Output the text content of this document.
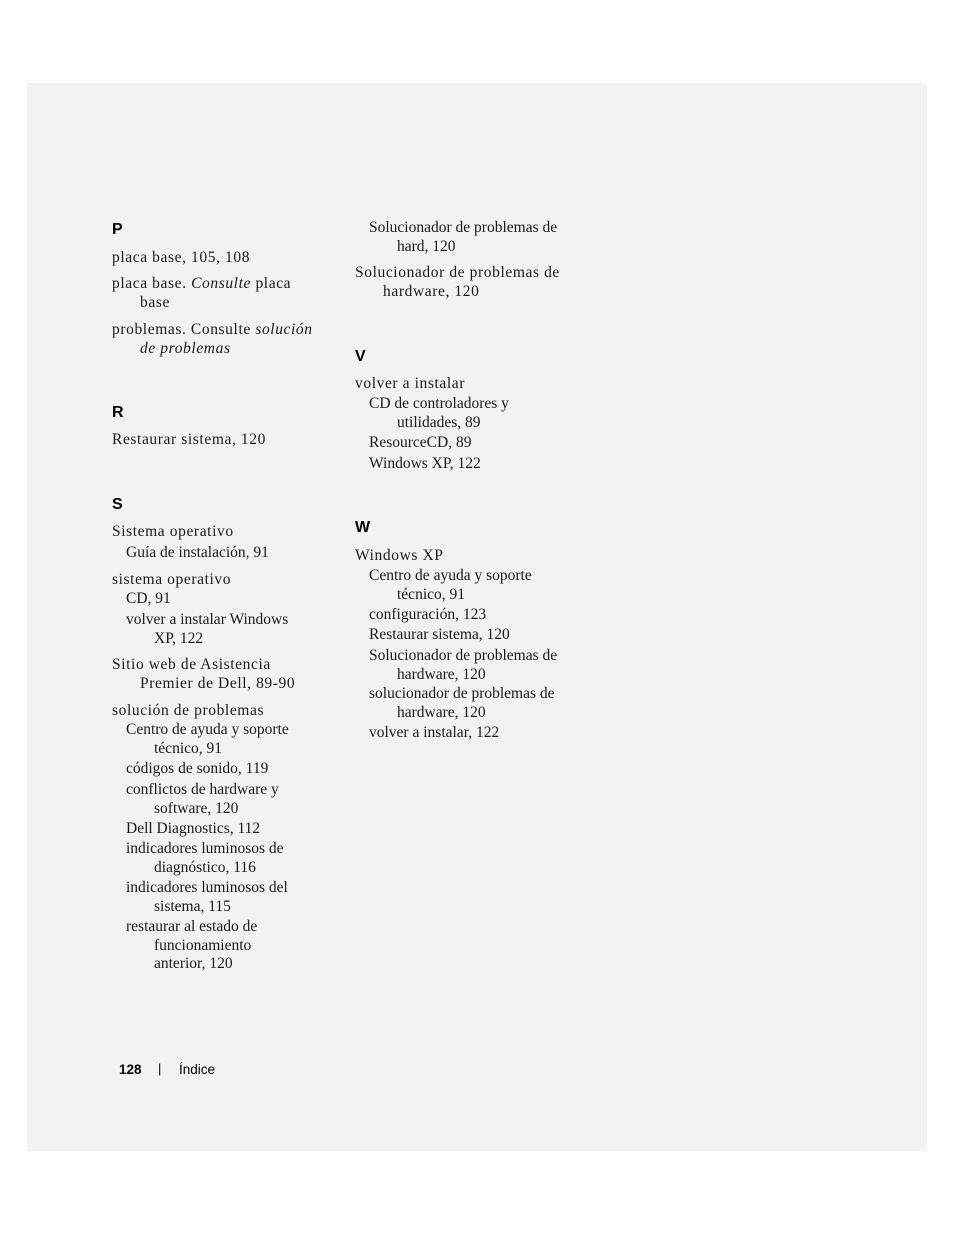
P
placa base, 105, 108
placa base. Consulte placa
base
problemas. Consulte solución
de problemas
R
Restaurar sistema, 120
S
Sistema operativo
Guía de instalación, 91
sistema operativo
CD, 91
volver a instalar Windows
XP, 122
Sitio web de Asistencia
Premier de Dell, 89-90
solución de problemas
Centro de ayuda y soporte
técnico, 91
códigos de sonido, 119
conflictos de hardware y
software, 120
Dell Diagnostics, 112
indicadores luminosos de
diagnóstico, 116
indicadores luminosos del
sistema, 115
restaurar al estado de
funcionamiento
anterior, 120
Solucionador de problemas de
hard, 120
Solucionador de problemas de
hardware, 120
V
volver a instalar
CD de controladores y
utilidades, 89
ResourceCD, 89
Windows XP, 122
W
Windows XP
Centro de ayuda y soporte
técnico, 91
configuración, 123
Restaurar sistema, 120
Solucionador de problemas de
hardware, 120
solucionador de problemas de
hardware, 120
volver a instalar, 122
128 | Índice
